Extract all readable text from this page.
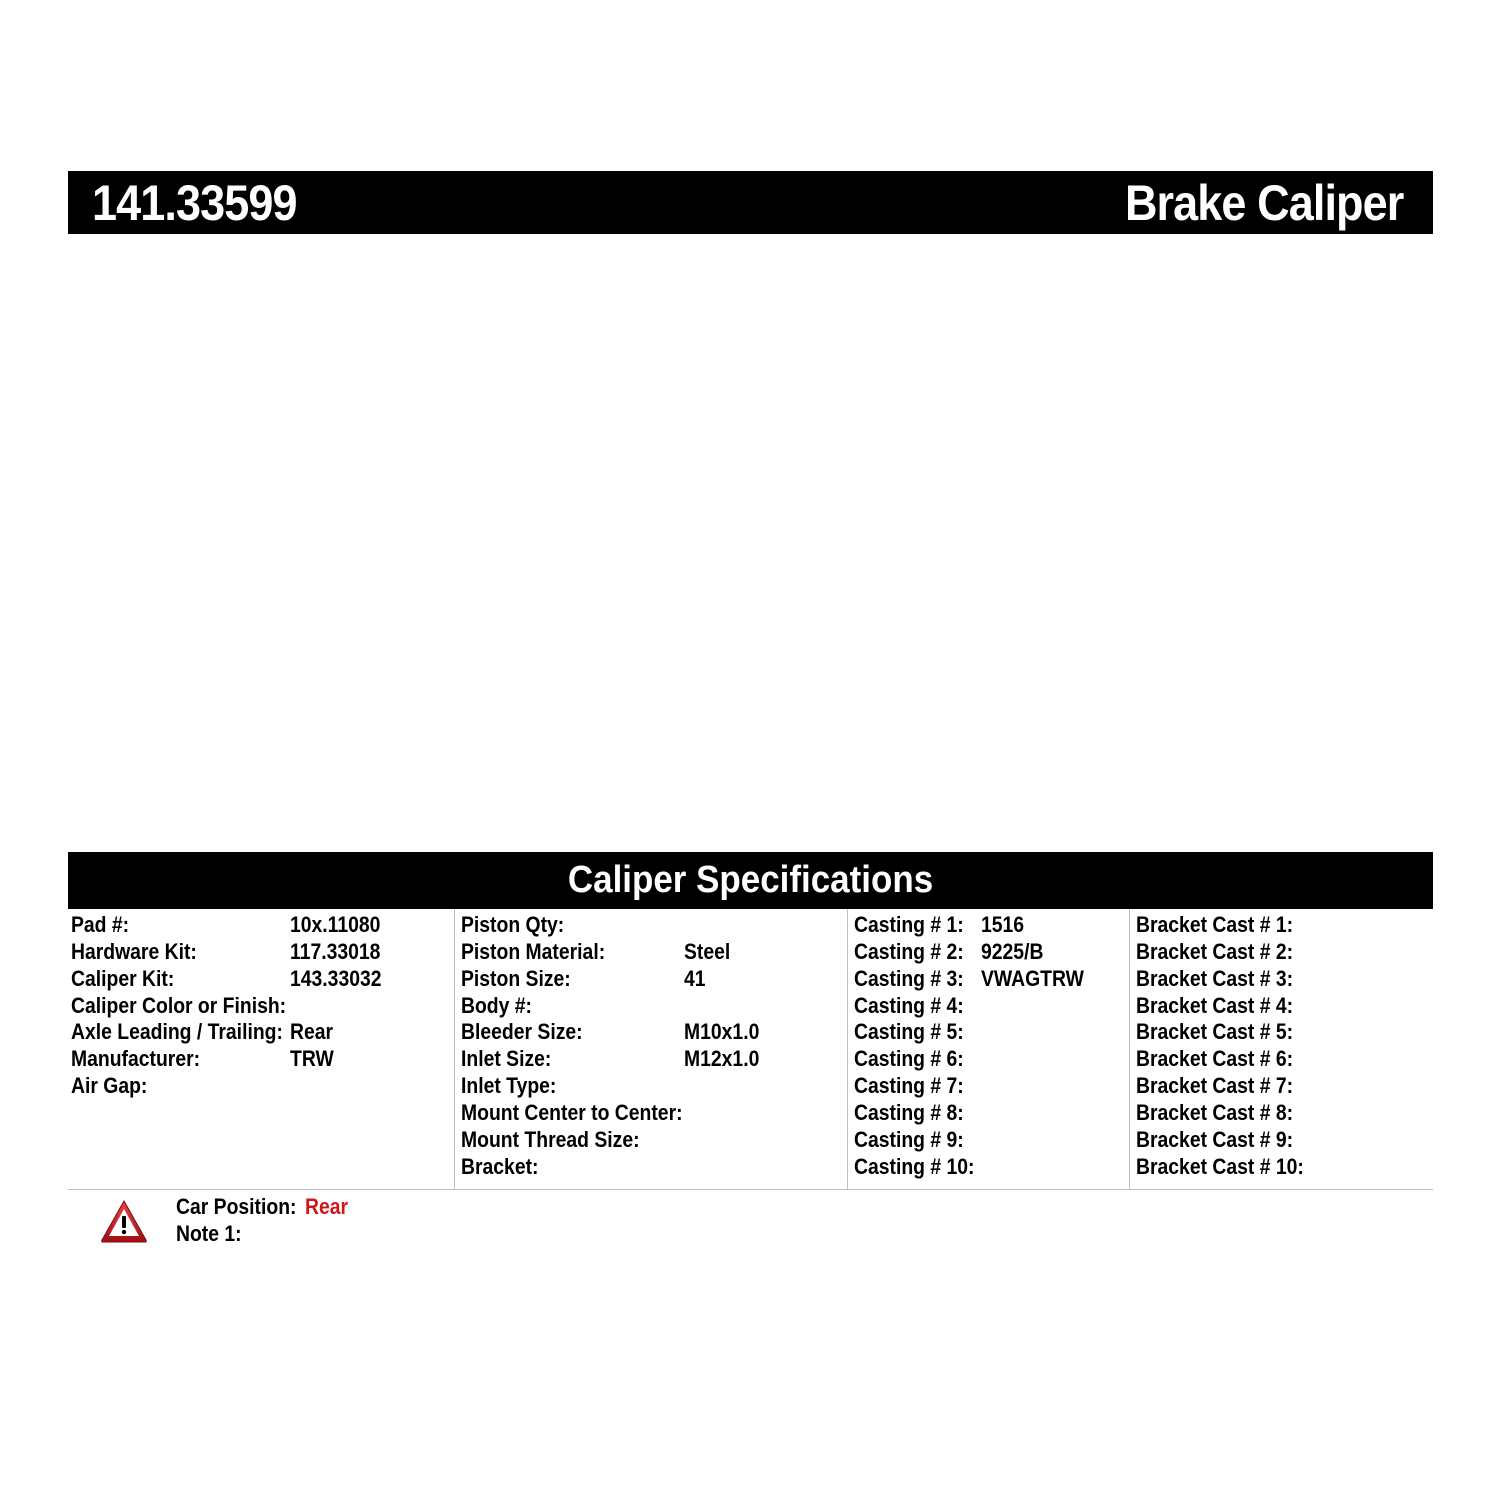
141.33599	Brake Caliper
Caliper Specifications
Pad #:	10x.11080
Hardware Kit:	117.33018
Caliper Kit:	143.33032
Caliper Color or Finish:
Axle Leading / Trailing: Rear
Manufacturer:	TRW
Air Gap:
Piston Qty:
Piston Material:	Steel
Piston Size:	41
Body #:
Bleeder Size:	M10x1.0
Inlet Size:	M12x1.0
Inlet Type:
Mount Center to Center:
Mount Thread Size:
Bracket:
Casting # 1: 1516
Casting # 2: 9225/B
Casting # 3: VWAGTRW
Casting # 4:
Casting # 5:
Casting # 6:
Casting # 7:
Casting # 8:
Casting # 9:
Casting # 10:
Bracket Cast # 1:
Bracket Cast # 2:
Bracket Cast # 3:
Bracket Cast # 4:
Bracket Cast # 5:
Bracket Cast # 6:
Bracket Cast # 7:
Bracket Cast # 8:
Bracket Cast # 9:
Bracket Cast # 10:
Car Position: Rear
Note 1:
